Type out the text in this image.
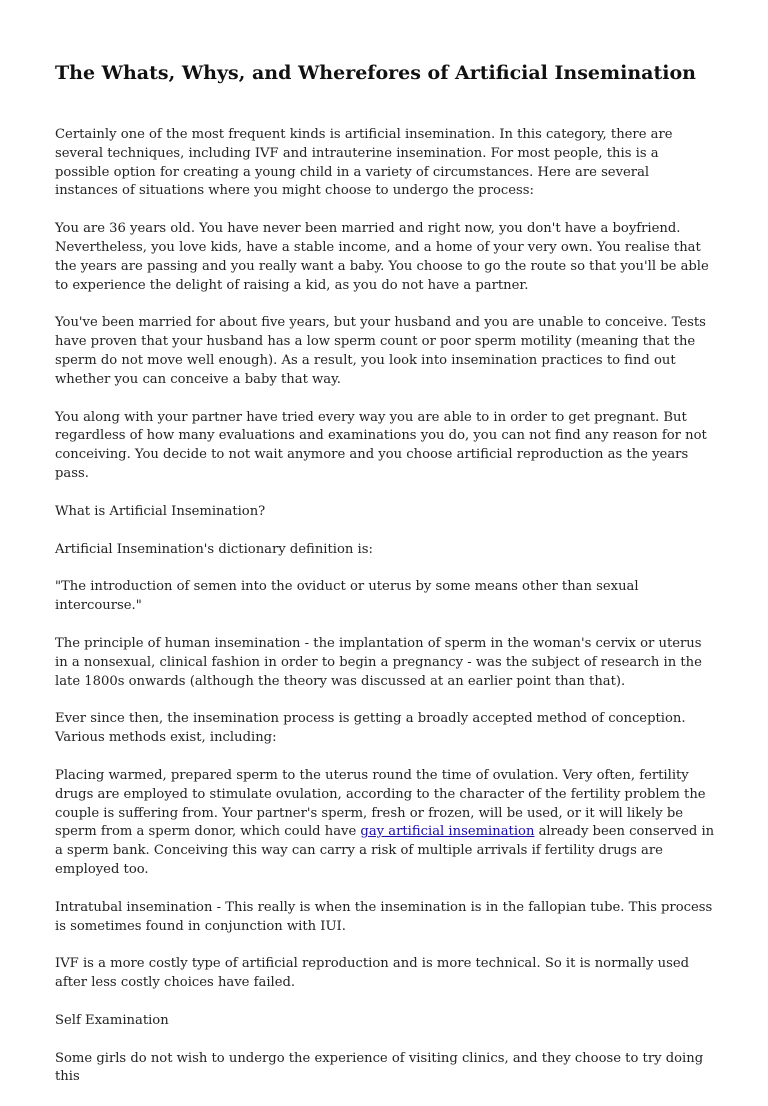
The Whats, Whys, and Wherefores of Artificial Insemination

Certainly one of the most frequent kinds is artificial insemination. In this category, there are several techniques, including IVF and intrauterine insemination. For most people, this is a possible option for creating a young child in a variety of circumstances. Here are several instances of situations where you might choose to undergo the process:

You are 36 years old. You have never been married and right now, you don't have a boyfriend. Nevertheless, you love kids, have a stable income, and a home of your very own. You realise that the years are passing and you really want a baby. You choose to go the route so that you'll be able to experience the delight of raising a kid, as you do not have a partner.

You've been married for about five years, but your husband and you are unable to conceive. Tests have proven that your husband has a low sperm count or poor sperm motility (meaning that the sperm do not move well enough). As a result, you look into insemination practices to find out whether you can conceive a baby that way.

You along with your partner have tried every way you are able to in order to get pregnant. But regardless of how many evaluations and examinations you do, you can not find any reason for not conceiving. You decide to not wait anymore and you choose artificial reproduction as the years pass.

What is Artificial Insemination?

Artificial Insemination's dictionary definition is:

"The introduction of semen into the oviduct or uterus by some means other than sexual intercourse."

The principle of human insemination - the implantation of sperm in the woman's cervix or uterus in a nonsexual, clinical fashion in order to begin a pregnancy - was the subject of research in the late 1800s onwards (although the theory was discussed at an earlier point than that).

Ever since then, the insemination process is getting a broadly accepted method of conception. Various methods exist, including:

Placing warmed, prepared sperm to the uterus round the time of ovulation. Very often, fertility drugs are employed to stimulate ovulation, according to the character of the fertility problem the couple is suffering from. Your partner's sperm, fresh or frozen, will be used, or it will likely be sperm from a sperm donor, which could have gay artificial insemination already been conserved in a sperm bank. Conceiving this way can carry a risk of multiple arrivals if fertility drugs are employed too.

Intratubal insemination - This really is when the insemination is in the fallopian tube. This process is sometimes found in conjunction with IUI.

IVF is a more costly type of artificial reproduction and is more technical. So it is normally used after less costly choices have failed.

Self Examination

Some girls do not wish to undergo the experience of visiting clinics, and they choose to try doing this
